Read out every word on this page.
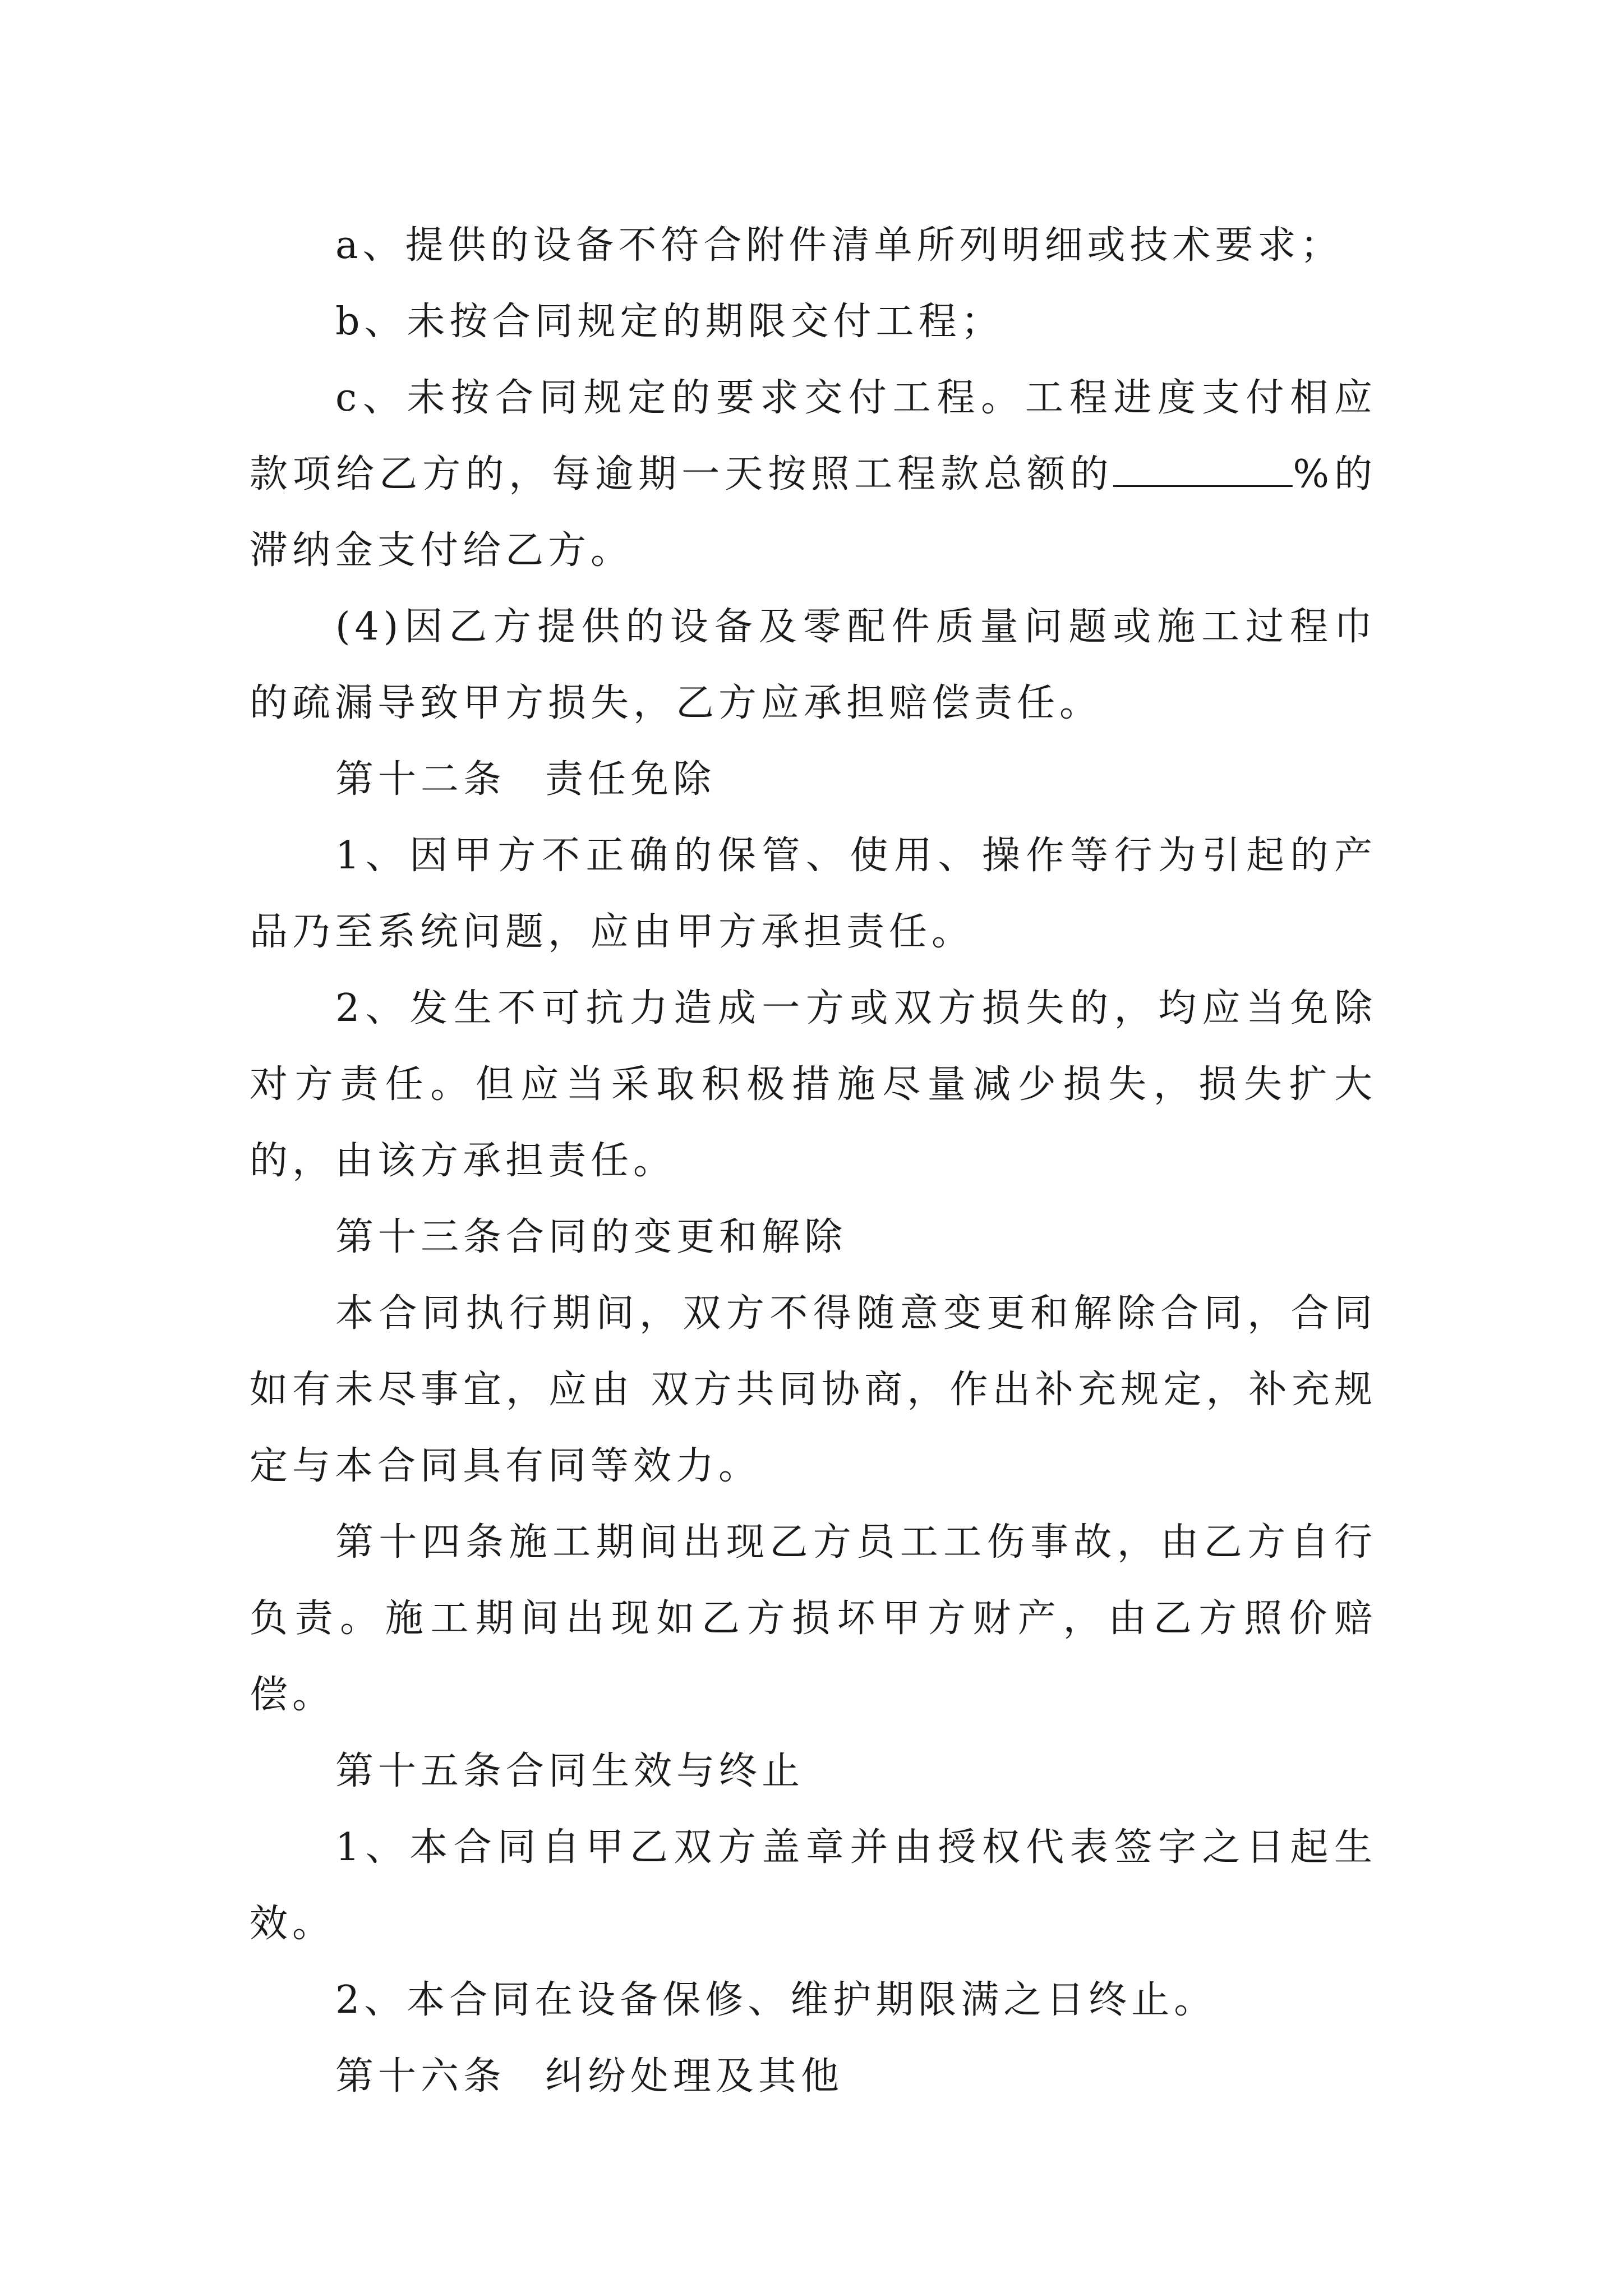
a、提供的设备不符合附件清单所列明细或技术要求；

b、未按合同规定的期限交付工程；

c、未按合同规定的要求交付工程。工程进度支付相应款项给乙方的，每逾期一天按照工程款总额的	%的滞纳金支付给乙方。

(4)因乙方提供的设备及零配件质量问题或施工过程巾的疏漏导致甲方损失，乙方应承担赔偿责任。

第十二条 责任免除

1、因甲方不正确的保管、使用、操作等行为引起的产品乃至系统问题，应由甲方承担责任。

2、发生不可抗力造成一方或双方损失的，均应当免除对方责任。但应当采取积极措施尽量减少损失，损失扩大的，由该方承担责任。

第十三条合同的变更和解除

本合同执行期间，双方不得随意变更和解除合同，合同如有未尽事宜，应由 双方共同协商，作出补充规定，补充规定与本合同具有同等效力。

第十四条施工期间出现乙方员工工伤事故，由乙方自行负责。施工期间出现如乙方损坏甲方财产，由乙方照价赔偿。

第十五条合同生效与终止

1、本合同自甲乙双方盖章并由授权代表签字之日起生效。

2、本合同在设备保修、维护期限满之日终止。

第十六条 纠纷处理及其他
